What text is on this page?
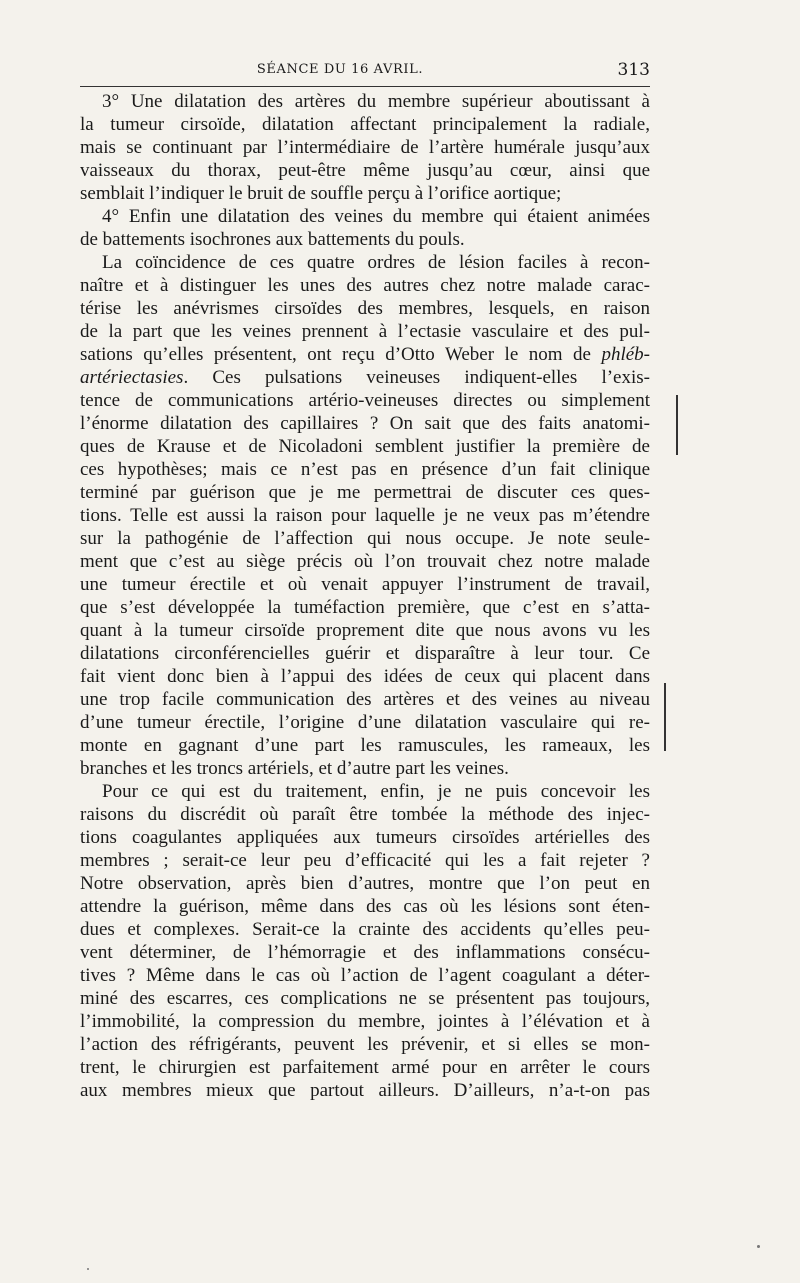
SÉANCE DU 16 AVRIL.	313
3° Une dilatation des artères du membre supérieur aboutissant à
la tumeur cirsoïde, dilatation affectant principalement la radiale,
mais se continuant par l’intermédiaire de l’artère humérale jusqu’aux
vaisseaux du thorax, peut-être même jusqu’au cœur, ainsi que
semblait l’indiquer le bruit de souffle perçu à l’orifice aortique;
4° Enfin une dilatation des veines du membre qui étaient animées
de battements isochrones aux battements du pouls.
La coïncidence de ces quatre ordres de lésion faciles à recon-
naître et à distinguer les unes des autres chez notre malade carac-
térise les anévrismes cirsoïdes des membres, lesquels, en raison
de la part que les veines prennent à l’ectasie vasculaire et des pul-
sations qu’elles présentent, ont reçu d’Otto Weber le nom de phléb-
artériectasies. Ces pulsations veineuses indiquent-elles l’exis-
tence de communications artério-veineuses directes ou simplement
l’énorme dilatation des capillaires ? On sait que des faits anatomi-
ques de Krause et de Nicoladoni semblent justifier la première de
ces hypothèses; mais ce n’est pas en présence d’un fait clinique
terminé par guérison que je me permettrai de discuter ces ques-
tions. Telle est aussi la raison pour laquelle je ne veux pas m’étendre
sur la pathogénie de l’affection qui nous occupe. Je note seule-
ment que c’est au siège précis où l’on trouvait chez notre malade
une tumeur érectile et où venait appuyer l’instrument de travail,
que s’est développée la tuméfaction première, que c’est en s’atta-
quant à la tumeur cirsoïde proprement dite que nous avons vu les
dilatations circonférencielles guérir et disparaître à leur tour. Ce
fait vient donc bien à l’appui des idées de ceux qui placent dans
une trop facile communication des artères et des veines au niveau
d’une tumeur érectile, l’origine d’une dilatation vasculaire qui re-
monte en gagnant d’une part les ramuscules, les rameaux, les
branches et les troncs artériels, et d’autre part les veines.
Pour ce qui est du traitement, enfin, je ne puis concevoir les
raisons du discrédit où paraît être tombée la méthode des injec-
tions coagulantes appliquées aux tumeurs cirsoïdes artérielles des
membres ; serait-ce leur peu d’efficacité qui les a fait rejeter ?
Notre observation, après bien d’autres, montre que l’on peut en
attendre la guérison, même dans des cas où les lésions sont éten-
dues et complexes. Serait-ce la crainte des accidents qu’elles peu-
vent déterminer, de l’hémorragie et des inflammations consécu-
tives ? Même dans le cas où l’action de l’agent coagulant a déter-
miné des escarres, ces complications ne se présentent pas toujours,
l’immobilité, la compression du membre, jointes à l’élévation et à
l’action des réfrigérants, peuvent les prévenir, et si elles se mon-
trent, le chirurgien est parfaitement armé pour en arrêter le cours
aux membres mieux que partout ailleurs. D’ailleurs, n’a-t-on pas
